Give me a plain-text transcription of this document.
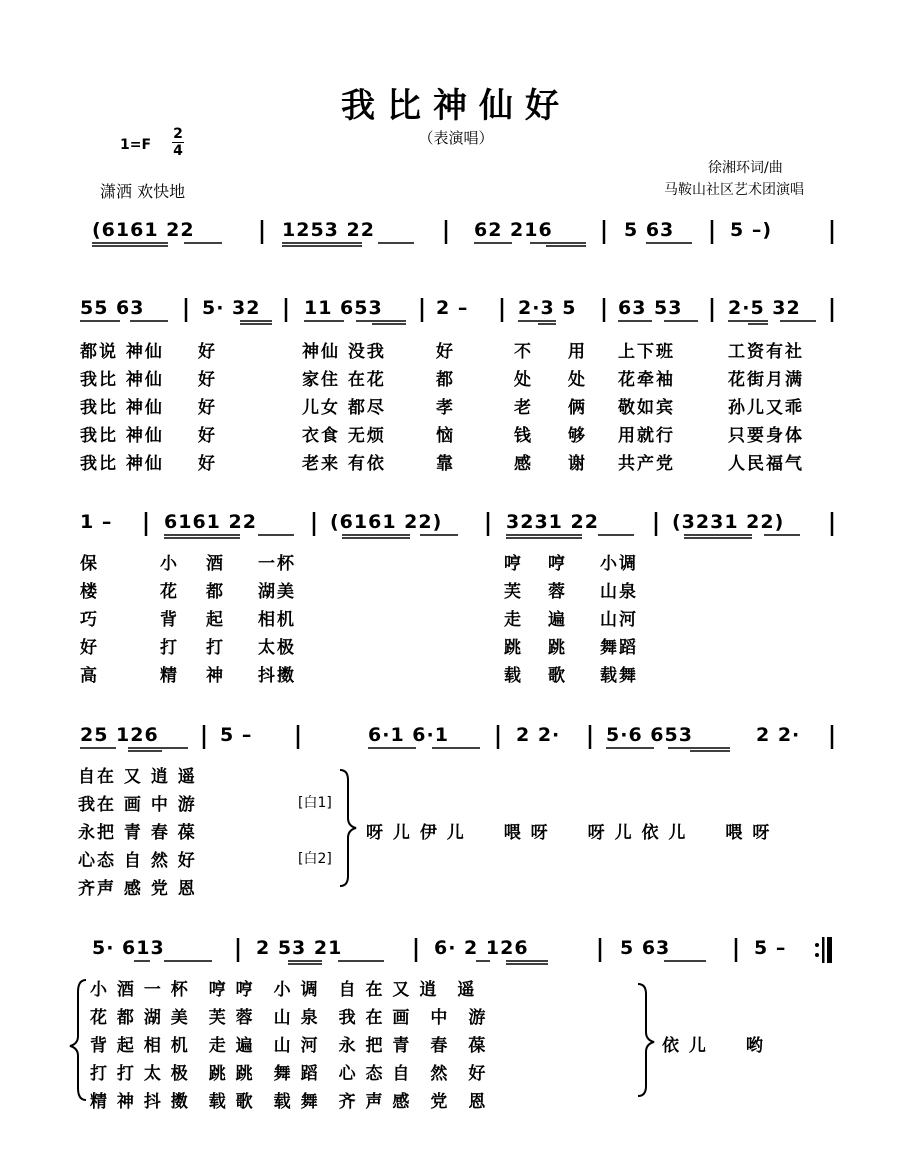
我比神仙好
（表演唱）
1=F
2
4
潇洒 欢快地
徐湘环词/曲
马鞍山社区艺术团演唱
(6161 22	1253 22	62 216	5 63	5 –)
55 63	5· 32 11 653	2 –	2·3 5 63 53 2·5 32
都说 神仙 好	神仙 没我	好	不 用 上下班	工资有社
我比 神仙 好	家住 在花	都	处 处 花牵袖	花街月满
我比 神仙 好	儿女 都尽	孝	老 俩 敬如宾	孙儿又乖
我比 神仙 好	衣食 无烦	恼	钱 够 用就行	只要身体
我比 神仙 好	老来 有依	靠	感 谢 共产党	人民福气
1 –	6161 22	(6161 22)	3231 22	(3231 22)
保	小 酒 一杯	哼 哼 小调
楼	花 都 湖美	芙 蓉 山泉
巧	背 起 相机	走 遍 山河
好	打 打 太极	跳 跳 舞蹈
高	精 神 抖擞	载 歌 载舞
25 126	5 –	6·1 6·1	2 2· 5·6 653	2 2·
自在 又 逍 遥
我在 画 中 游
永把 青 春 葆
心态 自 然 好
齐声 感 党 恩
[白1]
[白2]
呀 儿 伊 儿　　喂 呀　　呀 儿 依 儿　　喂 呀
5· 613	2 53 21	6· 2 126	5 63	5 –
小 酒 一 杯　哼 哼　小 调　自 在 又 逍　遥
花 都 湖 美　芙 蓉　山 泉　我 在 画　中　游
背 起 相 机　走 遍　山 河　永 把 青　春　葆
打 打 太 极　跳 跳　舞 蹈　心 态 自　然　好
精 神 抖 擞　载 歌　载 舞　齐 声 感　党　恩
依 儿　　哟
